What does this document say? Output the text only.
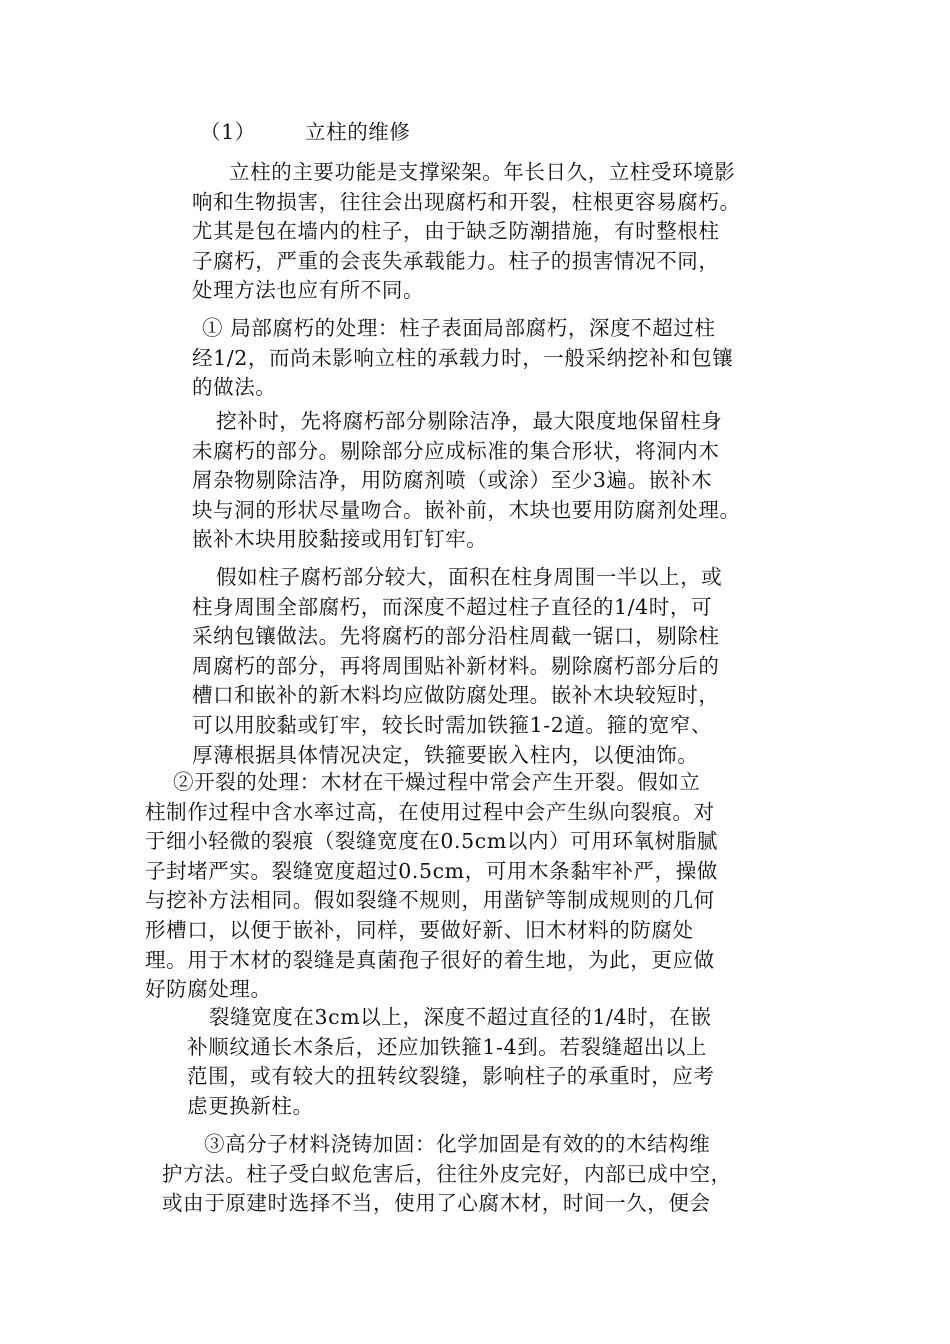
（1） 立柱的维修
立柱的主要功能是支撑梁架。年长日久，立柱受环境影
响和生物损害，往往会出现腐朽和开裂，柱根更容易腐朽。
尤其是包在墙内的柱子，由于缺乏防潮措施，有时整根柱
子腐朽，严重的会丧失承载能力。柱子的损害情况不同，
处理方法也应有所不同。
① 局部腐朽的处理：柱子表面局部腐朽，深度不超过柱
经1/2，而尚未影响立柱的承载力时，一般采纳挖补和包镶
的做法。
挖补时，先将腐朽部分剔除洁净，最大限度地保留柱身
未腐朽的部分。剔除部分应成标准的集合形状，将洞内木
屑杂物剔除洁净，用防腐剂喷（或涂）至少3遍。嵌补木
块与洞的形状尽量吻合。嵌补前，木块也要用防腐剂处理。
嵌补木块用胶黏接或用钉钉牢。
假如柱子腐朽部分较大，面积在柱身周围一半以上，或
柱身周围全部腐朽，而深度不超过柱子直径的1/4时，可
采纳包镶做法。先将腐朽的部分沿柱周截一锯口，剔除柱
周腐朽的部分，再将周围贴补新材料。剔除腐朽部分后的
槽口和嵌补的新木料均应做防腐处理。嵌补木块较短时，
可以用胶黏或钉牢，较长时需加铁箍1-2道。箍的宽窄、
厚薄根据具体情况决定，铁箍要嵌入柱内，以便油饰。
②开裂的处理：木材在干燥过程中常会产生开裂。假如立
柱制作过程中含水率过高，在使用过程中会产生纵向裂痕。对
于细小轻微的裂痕（裂缝宽度在0.5cm以内）可用环氧树脂腻
子封堵严实。裂缝宽度超过0.5cm，可用木条黏牢补严，操做
与挖补方法相同。假如裂缝不规则，用凿铲等制成规则的几何
形槽口，以便于嵌补，同样，要做好新、旧木材料的防腐处
理。用于木材的裂缝是真菌孢子很好的着生地，为此，更应做
好防腐处理。
裂缝宽度在3cm以上，深度不超过直径的1/4时，在嵌
补顺纹通长木条后，还应加铁箍1-4到。若裂缝超出以上
范围，或有较大的扭转纹裂缝，影响柱子的承重时，应考
虑更换新柱。
③高分子材料浇铸加固：化学加固是有效的的木结构维
护方法。柱子受白蚁危害后，往往外皮完好，内部已成中空，
或由于原建时选择不当，使用了心腐木材，时间一久，便会
